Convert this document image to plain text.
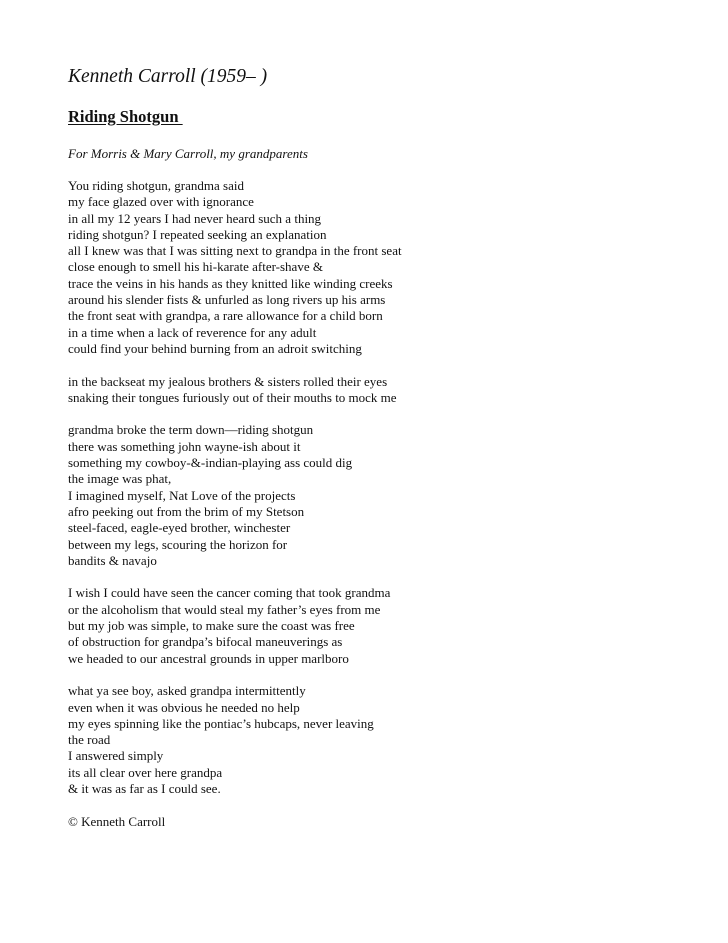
Kenneth Carroll (1959– )

Riding Shotgun

For Morris & Mary Carroll, my grandparents

You riding shotgun, grandma said
my face glazed over with ignorance
in all my 12 years I had never heard such a thing
riding shotgun? I repeated seeking an explanation
all I knew was that I was sitting next to grandpa in the front seat
close enough to smell his hi-karate after-shave &
trace the veins in his hands as they knitted like winding creeks
around his slender fists & unfurled as long rivers up his arms
the front seat with grandpa, a rare allowance for a child born
in a time when a lack of reverence for any adult
could find your behind burning from an adroit switching
in the backseat my jealous brothers & sisters rolled their eyes
snaking their tongues furiously out of their mouths to mock me
grandma broke the term down—riding shotgun
there was something john wayne-ish about it
something my cowboy-&-indian-playing ass could dig
the image was phat,
I imagined myself, Nat Love of the projects
afro peeking out from the brim of my Stetson
steel-faced, eagle-eyed brother, winchester
between my legs, scouring the horizon for
bandits & navajo
I wish I could have seen the cancer coming that took grandma
or the alcoholism that would steal my father’s eyes from me
but my job was simple, to make sure the coast was free
of obstruction for grandpa’s bifocal maneuverings as
we headed to our ancestral grounds in upper marlboro
what ya see boy, asked grandpa intermittently
even when it was obvious he needed no help
my eyes spinning like the pontiac’s hubcaps, never leaving
the road
I answered simply
its all clear over here grandpa
& it was as far as I could see.

© Kenneth Carroll
